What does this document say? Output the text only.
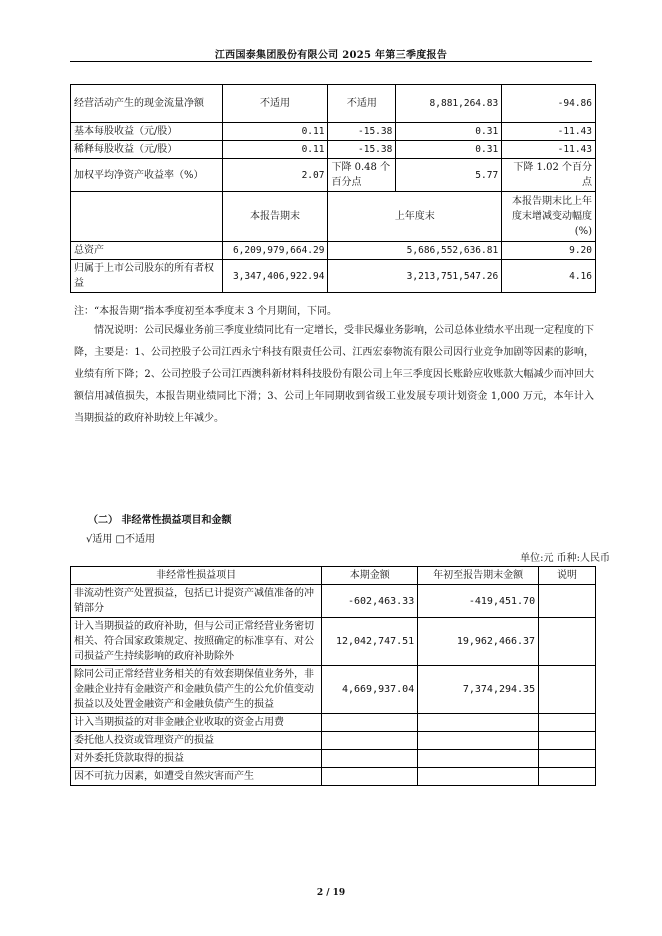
江西国泰集团股份有限公司 2025 年第三季度报告
经营活动产生的现金流量净额	不适用	不适用	8,881,264.83	-94.86
基本每股收益（元/股）	0.11	-15.38	0.31	-11.43
稀释每股收益（元/股）	0.11	-15.38	0.31	-11.43
加权平均净资产收益率（%）	2.07	下降 0.48 个百分点	5.77	下降 1.02 个百分点
	本报告期末	上年度末		本报告期末比上年度末增减变动幅度(%)
总资产	6,209,979,664.29	5,686,552,636.81		9.20
归属于上市公司股东的所有者权益	3,347,406,922.94	3,213,751,547.26		4.16
注：“本报告期”指本季度初至本季度末 3 个月期间，下同。
情况说明：公司民爆业务前三季度业绩同比有一定增长，受非民爆业务影响，公司总体业绩水平出现一定程度的下降，主要是：1、公司控股子公司江西永宁科技有限责任公司、江西宏泰物流有限公司因行业竞争加剧等因素的影响，业绩有所下降；2、公司控股子公司江西澳科新材料科技股份有限公司上年三季度因长账龄应收账款大幅减少而冲回大额信用减值损失，本报告期业绩同比下滑；3、公司上年同期收到省级工业发展专项计划资金 1,000 万元，本年计入当期损益的政府补助较上年减少。
（二） 非经常性损益项目和金额
√适用 □不适用
单位:元 币种:人民币
非经常性损益项目	本期金额	年初至报告期末金额	说明
非流动性资产处置损益，包括已计提资产减值准备的冲销部分	-602,463.33	-419,451.70	
计入当期损益的政府补助，但与公司正常经营业务密切相关、符合国家政策规定、按照确定的标准享有、对公司损益产生持续影响的政府补助除外	12,042,747.51	19,962,466.37	
除同公司正常经营业务相关的有效套期保值业务外，非金融企业持有金融资产和金融负债产生的公允价值变动损益以及处置金融资产和金融负债产生的损益	4,669,937.04	7,374,294.35	
计入当期损益的对非金融企业收取的资金占用费			
委托他人投资或管理资产的损益			
对外委托贷款取得的损益			
因不可抗力因素，如遭受自然灾害而产生			
2 / 19
